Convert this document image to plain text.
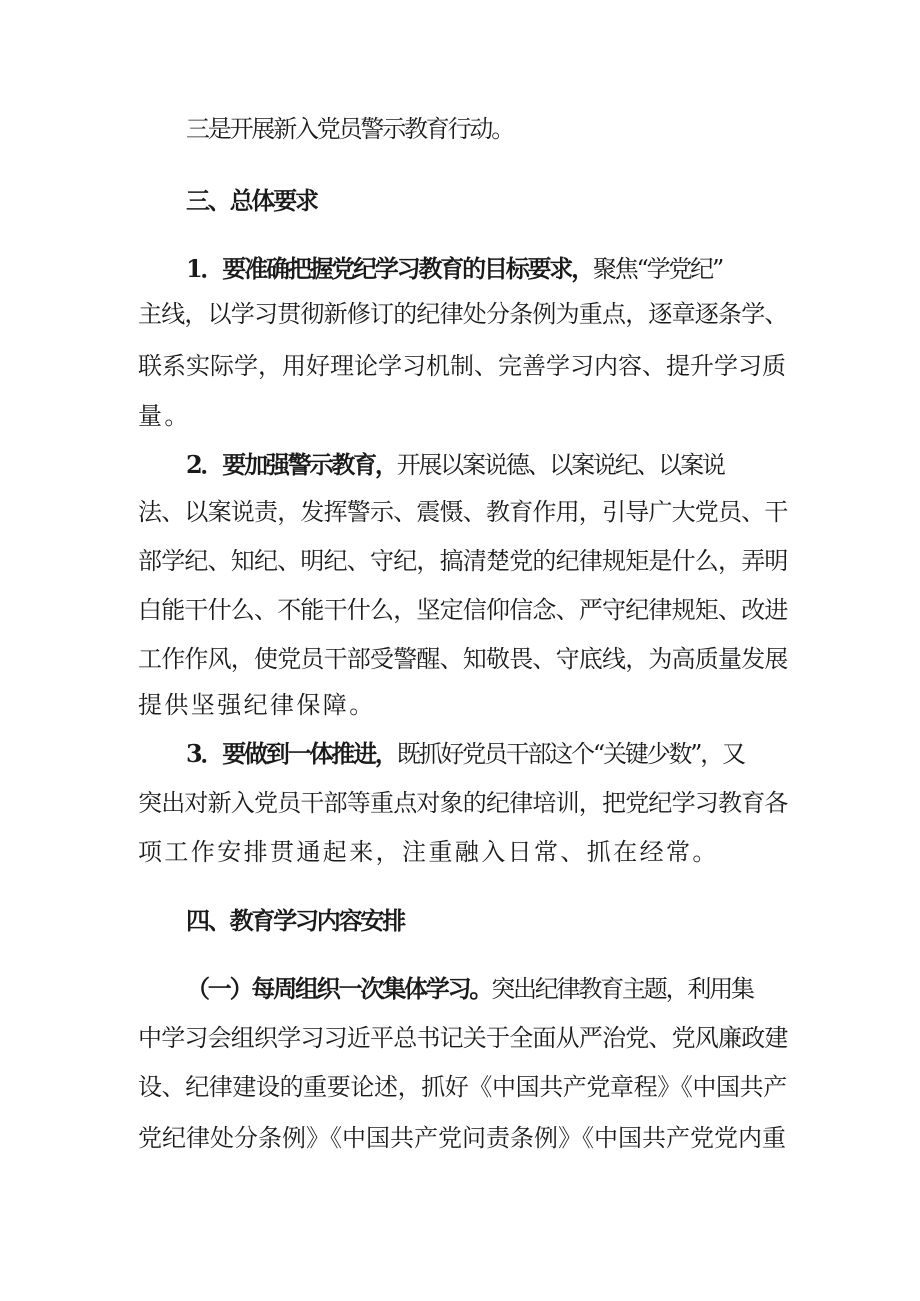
三是开展新入党员警示教育行动。
三、总体要求
1．要准确把握党纪学习教育的目标要求，聚焦“学党纪”
主线，以学习贯彻新修订的纪律处分条例为重点，逐章逐条学、
联系实际学，用好理论学习机制、完善学习内容、提升学习质
量。
2．要加强警示教育，开展以案说德、以案说纪、以案说
法、以案说责，发挥警示、震慑、教育作用，引导广大党员、干
部学纪、知纪、明纪、守纪，搞清楚党的纪律规矩是什么，弄明
白能干什么、不能干什么，坚定信仰信念、严守纪律规矩、改进
工作作风，使党员干部受警醒、知敬畏、守底线，为高质量发展
提供坚强纪律保障。
3．要做到一体推进，既抓好党员干部这个“关键少数”，又
突出对新入党员干部等重点对象的纪律培训，把党纪学习教育各
项工作安排贯通起来，注重融入日常、抓在经常。
四、教育学习内容安排
（一）每周组织一次集体学习。突出纪律教育主题，利用集
中学习会组织学习习近平总书记关于全面从严治党、党风廉政建
设、纪律建设的重要论述，抓好《中国共产党章程》《中国共产
党纪律处分条例》《中国共产党问责条例》《中国共产党党内重
